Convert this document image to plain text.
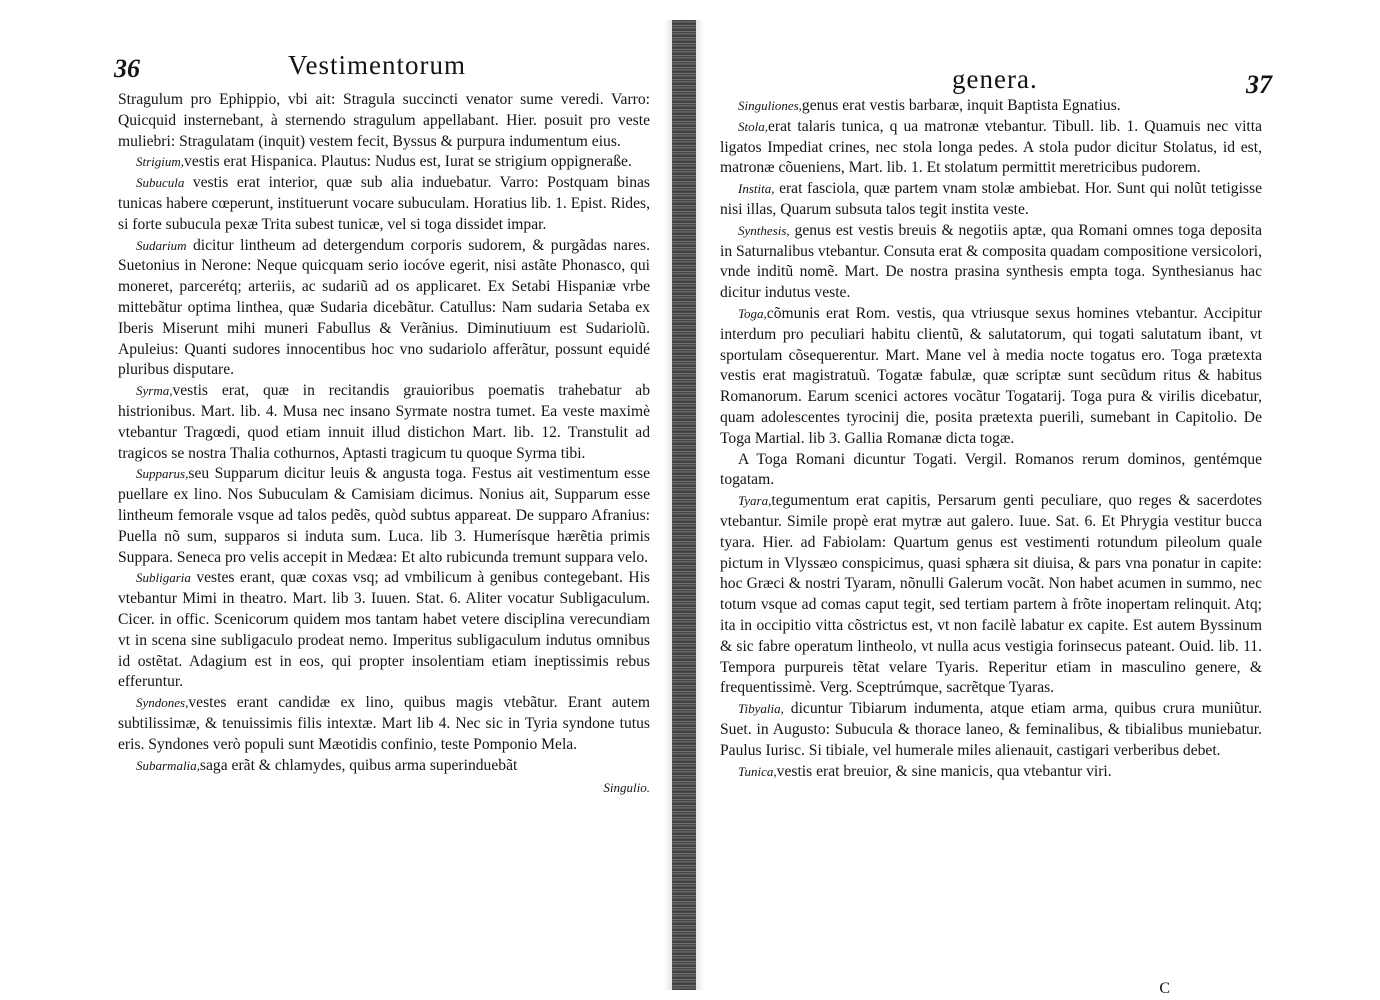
36	Vestimentorum

Stragulum pro Ephippio, vbi ait: Stragula succincti venator sume veredi. Varro: Quicquid insternebant, à sternendo stragulum appellabant. Hier. posuit pro veste muliebri: Stragulatam (inquit) vestem fecit, Byssus & purpura indumentum eius.

Strigium,vestis erat Hispanica. Plautus: Nudus est, Iurat se strigium oppigneraße.

Subucula vestis erat interior, quæ sub alia induebatur. Varro: Postquam binas tunicas habere cœperunt, instituerunt vocare subuculam. Horatius lib. 1. Epist. Rides, si forte subucula pexæ Trita subest tunicæ, vel si toga dissidet impar.

Sudarium dicitur lintheum ad detergendum corporis sudorem, & purgãdas nares. Suetonius in Nerone: Neque quicquam serio iocóve egerit, nisi astãte Phonasco, qui moneret, parcerétq; arteriis, ac sudariũ ad os applicaret. Ex Setabi Hispaniæ vrbe mittebãtur optima linthea, quæ Sudaria dicebãtur. Catullus: Nam sudaria Setaba ex Iberis Miserunt mihi muneri Fabullus & Verãnius. Diminutiuum est Sudariolũ. Apuleius: Quanti sudores innocentibus hoc vno sudariolo afferãtur, possunt equidé pluribus disputare.

Syrma,vestis erat, quæ in recitandis grauioribus poematis trahebatur ab histrionibus. Mart. lib. 4. Musa nec insano Syrmate nostra tumet. Ea veste maximè vtebantur Tragœdi, quod etiam innuit illud distichon Mart. lib. 12. Transtulit ad tragicos se nostra Thalia cothurnos, Aptasti tragicum tu quoque Syrma tibi.

Supparus,seu Supparum dicitur leuis & angusta toga. Festus ait vestimentum esse puellare ex lino. Nos Subuculam & Camisiam dicimus. Nonius ait, Supparum esse lintheum femorale vsque ad talos pedẽs, quòd subtus appareat. De supparo Afranius: Puella nõ sum, supparos si induta sum. Luca. lib 3. Humerísque hærẽtia primis Suppara. Seneca pro velis accepit in Medæa: Et alto rubicunda tremunt suppara velo.

Subligaria vestes erant, quæ coxas vsq; ad vmbilicum à genibus contegebant. His vtebantur Mimi in theatro. Mart. lib 3. Iuuen. Stat. 6. Aliter vocatur Subligaculum. Cicer. in offic. Scenicorum quidem mos tantam habet vetere disciplina verecundiam vt in scena sine subligaculo prodeat nemo. Imperitus subligaculum indutus omnibus id ostẽtat. Adagium est in eos, qui propter insolentiam etiam ineptissimis rebus efferuntur.

Syndones,vestes erant candidæ ex lino, quibus magis vtebãtur. Erant autem subtilissimæ, & tenuissimis filis intextæ. Mart lib 4. Nec sic in Tyria syndone tutus eris. Syndones verò populi sunt Mæotidis confinio, teste Pomponio Mela.

Subarmalia,saga erãt & chlamydes, quibus arma superinduebãt

Singulio.
genera.	37

Singuliones,genus erat vestis barbaræ, inquit Baptista Egnatius.

Stola,erat talaris tunica, q ua matronæ vtebantur. Tibull. lib. 1. Quamuis nec vitta ligatos Impediat crines, nec stola longa pedes. A stola pudor dicitur Stolatus, id est, matronæ cõueniens, Mart. lib. 1. Et stolatum permittit meretricibus pudorem.

Instita, erat fasciola, quæ partem vnam stolæ ambiebat. Hor. Sunt qui nolũt tetigisse nisi illas, Quarum subsuta talos tegit instita veste.

Synthesis, genus est vestis breuis & negotiis aptæ, qua Romani omnes toga deposita in Saturnalibus vtebantur. Consuta erat & composita quadam compositione versicolori, vnde inditũ nomẽ. Mart. De nostra prasina synthesis empta toga. Synthesianus hac dicitur indutus veste.

Toga,cõmunis erat Rom. vestis, qua vtriusque sexus homines vtebantur. Accipitur interdum pro peculiari habitu clientũ, & salutatorum, qui togati salutatum ibant, vt sportulam cõsequerentur. Mart. Mane vel à media nocte togatus ero. Toga prætexta vestis erat magistratuũ. Togatæ fabulæ, quæ scriptæ sunt secũdum ritus & habitus Romanorum. Earum scenici actores vocãtur Togatarij. Toga pura & virilis dicebatur, quam adolescentes tyrocinij die, posita prætexta puerili, sumebant in Capitolio. De Toga Martial. lib 3. Gallia Romanæ dicta togæ.

A Toga Romani dicuntur Togati. Vergil. Romanos rerum dominos, gentémque togatam.

Tyara,tegumentum erat capitis, Persarum genti peculiare, quo reges & sacerdotes vtebantur. Simile propè erat mytræ aut galero. Iuue. Sat. 6. Et Phrygia vestitur bucca tyara. Hier. ad Fabiolam: Quartum genus est vestimenti rotundum pileolum quale pictum in Vlyssæo conspicimus, quasi sphæra sit diuisa, & pars vna ponatur in capite: hoc Græci & nostri Tyaram, nõnulli Galerum vocãt. Non habet acumen in summo, nec totum vsque ad comas caput tegit, sed tertiam partem à frõte inopertam relinquit. Atq; ita in occipitio vitta cõstrictus est, vt non facilè labatur ex capite. Est autem Byssinum & sic fabre operatum lintheolo, vt nulla acus vestigia forinsecus pateant. Ouid. lib. 11. Tempora purpureis tẽtat velare Tyaris. Reperitur etiam in masculino genere, & frequentissimè. Verg. Sceptrúmque, sacrẽtque Tyaras.

Tibyalia, dicuntur Tibiarum indumenta, atque etiam arma, quibus crura muniũtur. Suet. in Augusto: Subucula & thorace laneo, & feminalibus, & tibialibus muniebatur. Paulus Iurisc. Si tibiale, vel humerale miles alienauit, castigari verberibus debet.

Tunica,vestis erat breuior, & sine manicis, qua vtebantur viri.

C
